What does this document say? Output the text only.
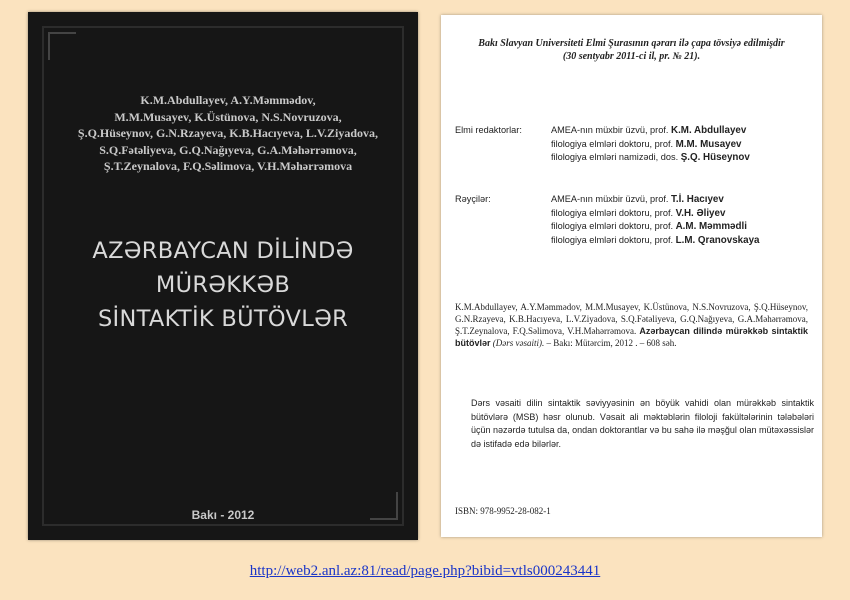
K.M.Abdullayev, A.Y.Məmmədov,
M.M.Musayev, K.Üstünova, N.S.Novruzova,
Ş.Q.Hüseynov, G.N.Rzayeva, K.B.Hacıyeva, L.V.Ziyadova,
S.Q.Fətəliyeva, G.Q.Nağıyeva, G.A.Məhərrəmova,
Ş.T.Zeynalova, F.Q.Səlimova, V.H.Məhərrəmova
AZƏRBAYCAN DİLİNDƏ
MÜRƏKKƏB
SİNTAKTİK BÜTÖVLƏR
Bakı - 2012
Bakı Slavyan Universiteti Elmi Şurasının qərarı ilə çapa tövsiyə edilmişdir
(30 sentyabr 2011-ci il, pr. № 21).
Elmi redaktorlar:	AMEA-nın müxbir üzvü, prof. K.M. Abdullayev
filologiya elmləri doktoru, prof. M.M. Musayev
filologiya elmləri namizədi, dos. Ş.Q. Hüseynov
Rəyçilər:	AMEA-nın müxbir üzvü, prof. T.İ. Hacıyev
filologiya elmləri doktoru, prof. V.H. Əliyev
filologiya elmləri doktoru, prof. A.M. Məmmədli
filologiya elmləri doktoru, prof. L.M. Qranovskaya
K.M.Abdullayev, A.Y.Məmmədov, M.M.Musayev, K.Üstünova, N.S.Novruzova, Ş.Q.Hüseynov, G.N.Rzayeva, K.B.Hacıyeva, L.V.Ziyadova, S.Q.Fətəliyeva, G.Q.Nağıyeva, G.A.Məhərrəmova, Ş.T.Zeynalova, F.Q.Səlimova, V.H.Məhərrəmova. Azərbaycan dilində mürəkkəb sintaktik bütövlər (Dərs vəsaiti). – Bakı: Mütərcim, 2012 . – 608 səh.
Dərs vəsaiti dilin sintaktik səviyyəsinin ən böyük vahidi olan mürəkkəb sintaktik bütövlərə (MSB) həsr olunub. Vəsait ali məktəblərin filoloji fakültələrinin tələbələri üçün nəzərdə tutulsa da, ondan doktorantlar və bu sahə ilə məşğul olan mütəxəssislər də istifadə edə bilərlər.
ISBN: 978-9952-28-082-1
http://web2.anl.az:81/read/page.php?bibid=vtls000243441
